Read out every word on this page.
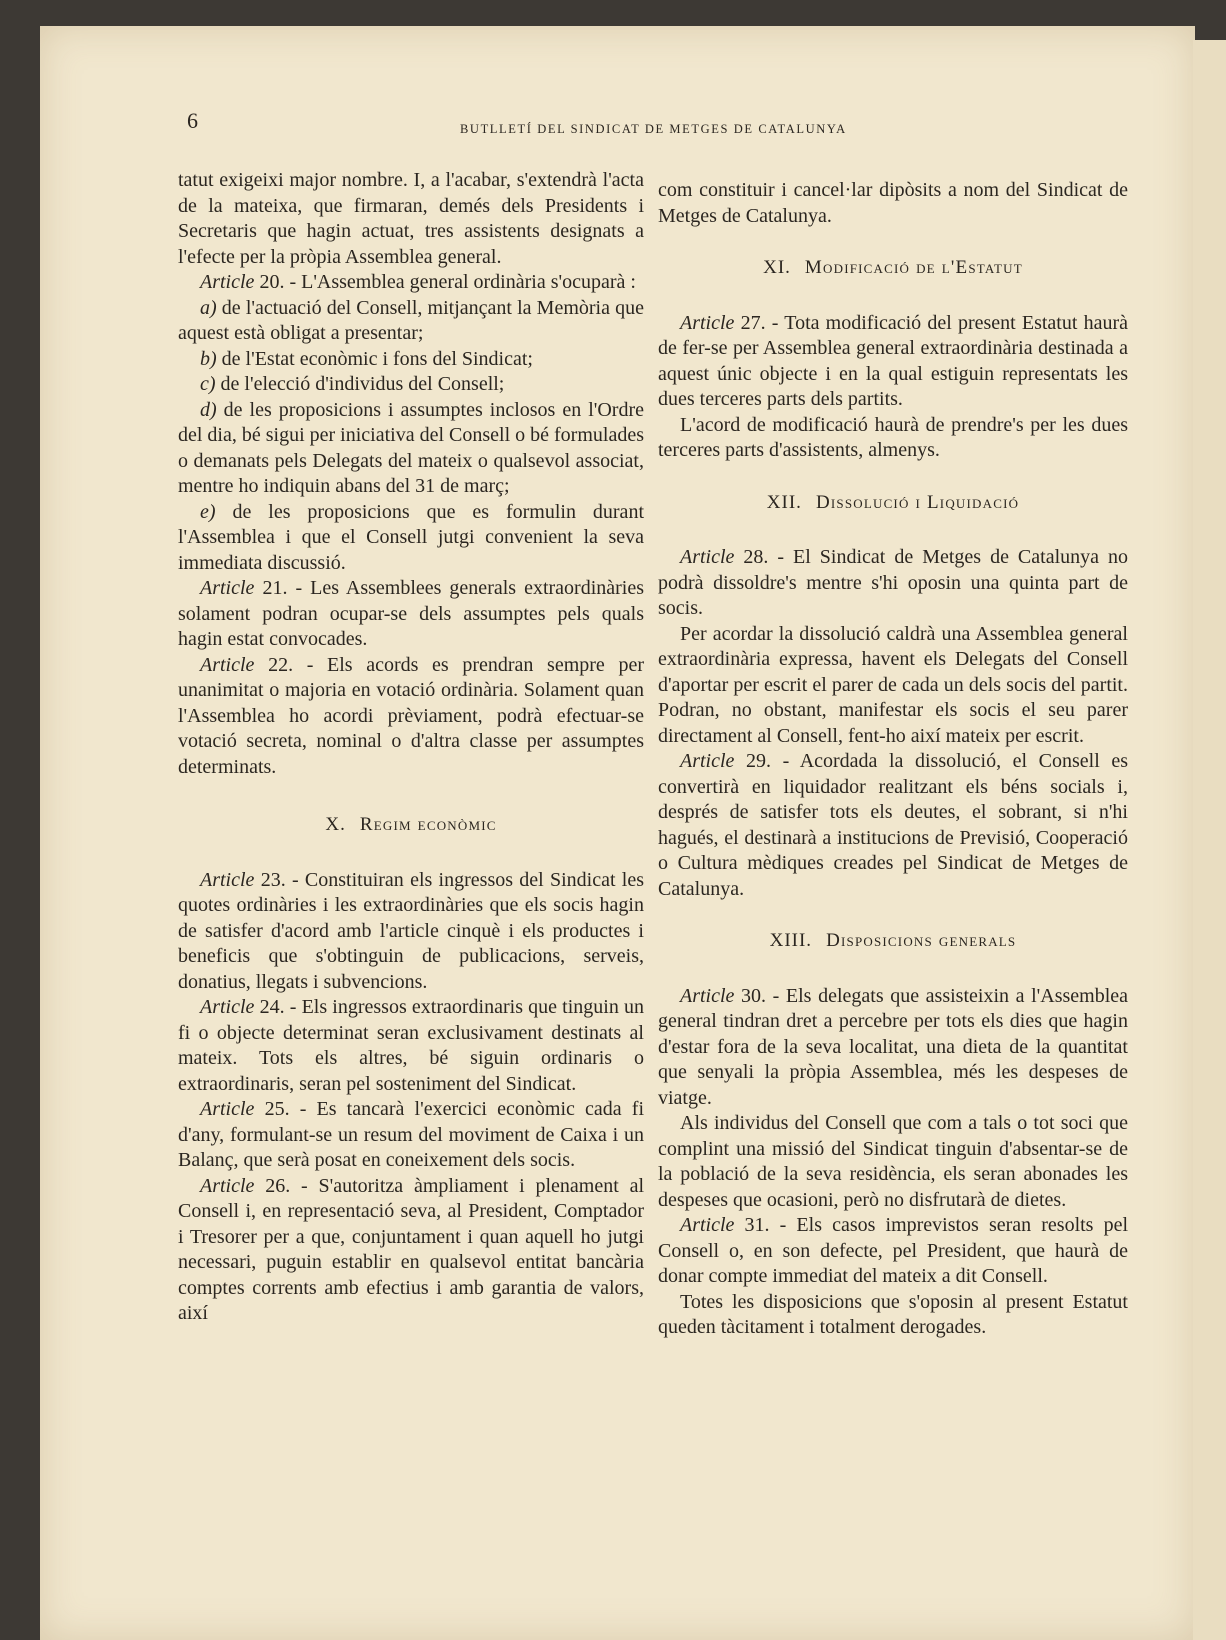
6	BUTLLETÍ DEL SINDICAT DE METGES DE CATALUNYA

tatut exigeixi major nombre. I, a l'acabar, s'extendrà l'acta de la mateixa, que firmaran, demés dels Presidents i Secretaris que hagin actuat, tres assistents designats a l'efecte per la pròpia Assemblea general.

Article 20. - L'Assemblea general ordinària s'ocuparà :

a) de l'actuació del Consell, mitjançant la Memòria que aquest està obligat a presentar;

b) de l'Estat econòmic i fons del Sindicat;

c) de l'elecció d'individus del Consell;

d) de les proposicions i assumptes inclosos en l'Ordre del dia, bé sigui per iniciativa del Consell o bé formulades o demanats pels Delegats del mateix o qualsevol associat, mentre ho indiquin abans del 31 de març;

e) de les proposicions que es formulin durant l'Assemblea i que el Consell jutgi convenient la seva immediata discussió.

Article 21. - Les Assemblees generals extraordinàries solament podran ocupar-se dels assumptes pels quals hagin estat convocades.

Article 22. - Els acords es prendran sempre per unanimitat o majoria en votació ordinària. Solament quan l'Assemblea ho acordi prèviament, podrà efectuar-se votació secreta, nominal o d'altra classe per assumptes determinats.

X. Regim econòmic

Article 23. - Constituiran els ingressos del Sindicat les quotes ordinàries i les extraordinàries que els socis hagin de satisfer d'acord amb l'article cinquè i els productes i beneficis que s'obtinguin de publicacions, serveis, donatius, llegats i subvencions.

Article 24. - Els ingressos extraordinaris que tinguin un fi o objecte determinat seran exclusivament destinats al mateix. Tots els altres, bé siguin ordinaris o extraordinaris, seran pel sosteniment del Sindicat.

Article 25. - Es tancarà l'exercici econòmic cada fi d'any, formulant-se un resum del moviment de Caixa i un Balanç, que serà posat en coneixement dels socis.

Article 26. - S'autoritza àmpliament i plenament al Consell i, en representació seva, al President, Comptador i Tresorer per a que, conjuntament i quan aquell ho jutgi necessari, puguin establir en qualsevol entitat bancària comptes corrents amb efectius i amb garantia de valors, així

com constituir i cancel·lar dipòsits a nom del Sindicat de Metges de Catalunya.

XI. Modificació de l'Estatut

Article 27. - Tota modificació del present Estatut haurà de fer-se per Assemblea general extraordinària destinada a aquest únic objecte i en la qual estiguin representats les dues terceres parts dels partits.

L'acord de modificació haurà de prendre's per les dues terceres parts d'assistents, almenys.

XII. Dissolució i Liquidació

Article 28. - El Sindicat de Metges de Catalunya no podrà dissoldre's mentre s'hi oposin una quinta part de socis.

Per acordar la dissolució caldrà una Assemblea general extraordinària expressa, havent els Delegats del Consell d'aportar per escrit el parer de cada un dels socis del partit. Podran, no obstant, manifestar els socis el seu parer directament al Consell, fent-ho així mateix per escrit.

Article 29. - Acordada la dissolució, el Consell es convertirà en liquidador realitzant els béns socials i, després de satisfer tots els deutes, el sobrant, si n'hi hagués, el destinarà a institucions de Previsió, Cooperació o Cultura mèdiques creades pel Sindicat de Metges de Catalunya.

XIII. Disposicions generals

Article 30. - Els delegats que assisteixin a l'Assemblea general tindran dret a percebre per tots els dies que hagin d'estar fora de la seva localitat, una dieta de la quantitat que senyali la pròpia Assemblea, més les despeses de viatge.

Als individus del Consell que com a tals o tot soci que complint una missió del Sindicat tinguin d'absentar-se de la població de la seva residència, els seran abonades les despeses que ocasioni, però no disfrutarà de dietes.

Article 31. - Els casos imprevistos seran resolts pel Consell o, en son defecte, pel President, que haurà de donar compte immediat del mateix a dit Consell.

Totes les disposicions que s'oposin al present Estatut queden tàcitament i totalment derogades.
